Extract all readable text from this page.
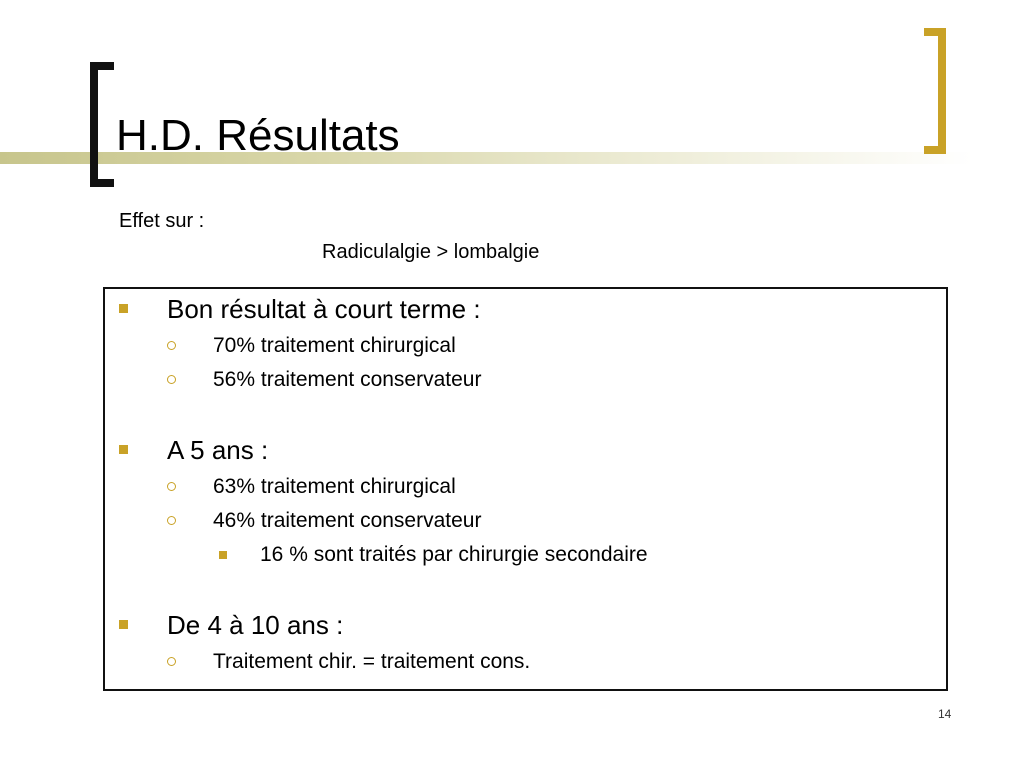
H.D. Résultats
Effet sur :
Radiculalgie > lombalgie
Bon résultat à court terme :
70% traitement chirurgical
56% traitement conservateur
A 5 ans :
63% traitement chirurgical
46% traitement conservateur
16 % sont traités par chirurgie secondaire
De 4 à 10 ans :
Traitement chir. = traitement cons.
14
